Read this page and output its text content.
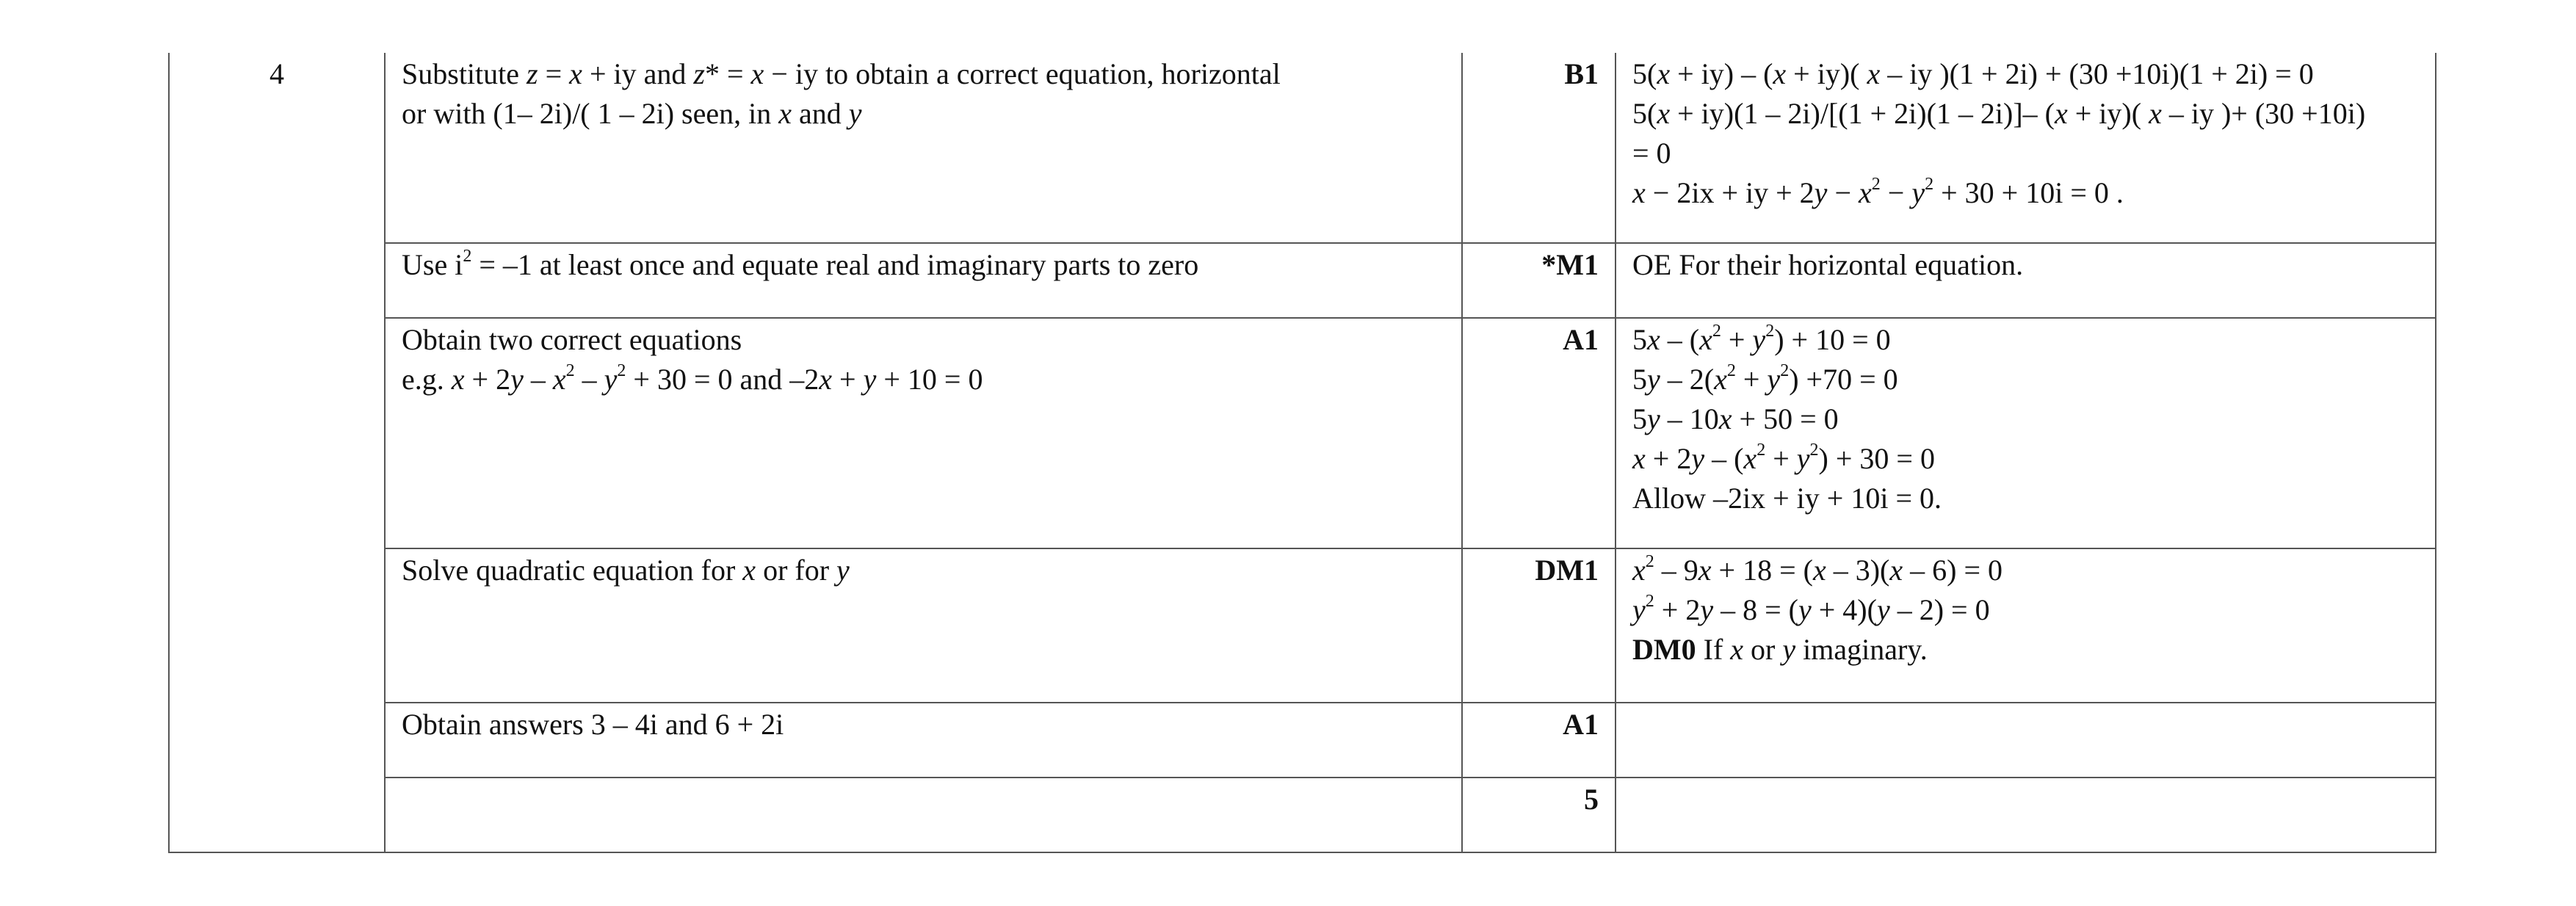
4	Substitute z = x + iy and z* = x − iy to obtain a correct equation, horizontal
or with (1– 2i)/( 1 – 2i) seen, in x and y	B1	5(x + iy) – (x + iy)( x – iy )(1 + 2i) + (30 +10i)(1 + 2i) = 0
5(x + iy)(1 – 2i)/[(1 + 2i)(1 – 2i)]– (x + iy)( x – iy )+ (30 +10i)
= 0
x − 2ix + iy + $2y - x^2 - y^2 + 30 + 10i = 0$ .

	Use $i^2 = -1$ at least once and equate real and imaginary parts to zero	*M1	OE For their horizontal equation.

	Obtain two correct equations
e.g. $x + 2y - x^2 - y^2 + 30 = 0$ and –2x + y + 10 = 0	A1	$5x - (x^2 + y^2) + 10 = 0$
$5y - 2(x^2 + y^2) +70 = 0$
5y – 10x + 50 = 0
$x + 2y - (x^2 + y^2) + 30 = 0$
Allow –2ix + iy + 10i = 0.

	Solve quadratic equation for x or for y	DM1	$x^2 - 9x + 18 = (x - 3)(x - 6) = 0$
$y^2 + 2y - 8 = (y + 4)(y - 2) = 0$
DM0 If x or y imaginary.

	Obtain answers 3 – 4i and 6 + 2i	A1	
		5	
